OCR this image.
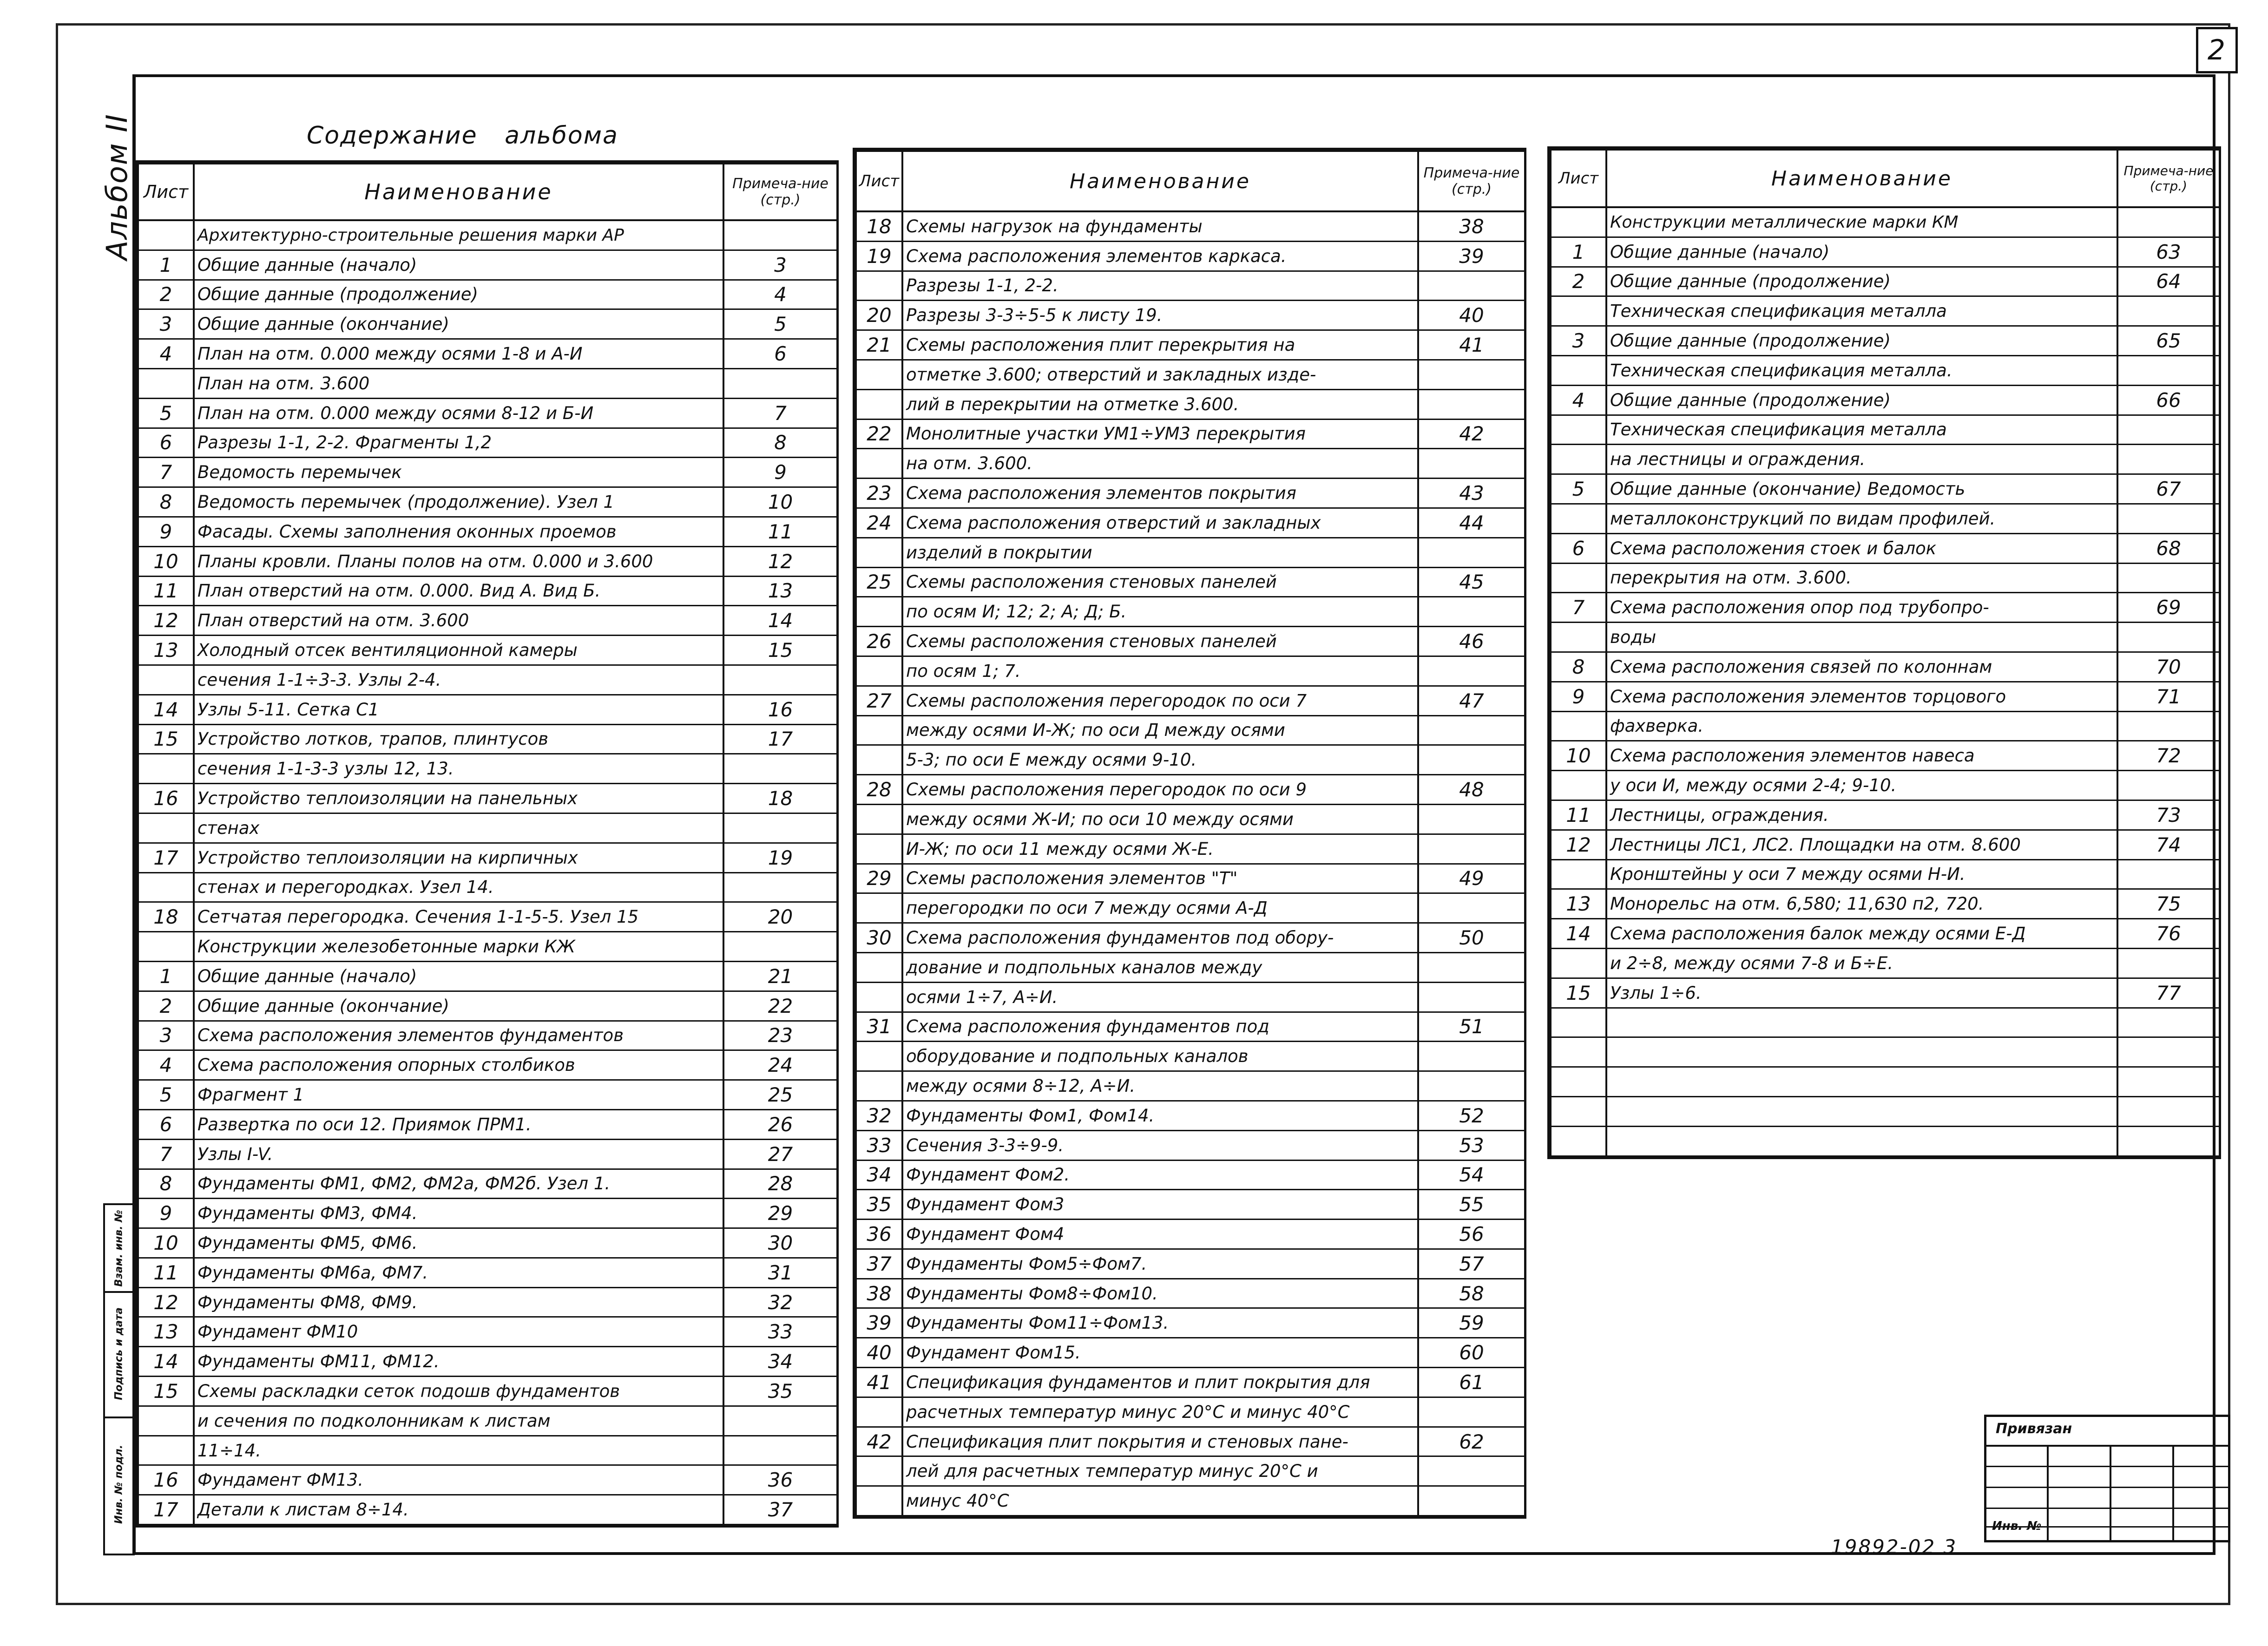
2
Альбом II	Содержание альбома
Лист	Наименование	Примеча-ние (стр.)
	Архитектурно-строительные решения марки АР	
1	Общие данные (начало)	3
2	Общие данные (продолжение)	4
3	Общие данные (окончание)	5
4	План на отм. 0.000 между осями 1-8 и А-И	6
	План на отм. 3.600	
5	План на отм. 0.000 между осями 8-12 и Б-И	7
6	Разрезы 1-1, 2-2. Фрагменты 1,2	8
7	Ведомость перемычек	9
8	Ведомость перемычек (продолжение). Узел 1	10
9	Фасады. Схемы заполнения оконных проемов	11
10	Планы кровли. Планы полов на отм. 0.000 и 3.600	12
11	План отверстий на отм. 0.000. Вид А. Вид Б.	13
12	План отверстий на отм. 3.600	14
13	Холодный отсек вентиляционной камеры	15
	сечения 1-1÷3-3. Узлы 2-4.	
14	Узлы 5-11. Сетка С1	16
15	Устройство лотков, трапов, плинтусов	17
	сечения 1-1-3-3 узлы 12, 13.	
16	Устройство теплоизоляции на панельных	18
	стенах	
17	Устройство теплоизоляции на кирпичных	19
	стенах и перегородках. Узел 14.	
18	Сетчатая перегородка. Сечения 1-1-5-5. Узел 15	20
	Конструкции железобетонные марки КЖ	
1	Общие данные (начало)	21
2	Общие данные (окончание)	22
3	Схема расположения элементов фундаментов	23
4	Схема расположения опорных столбиков	24
5	Фрагмент 1	25
6	Развертка по оси 12. Приямок ПРМ1.	26
7	Узлы I-V.	27
8	Фундаменты ФМ1, ФМ2, ФМ2а, ФМ2б. Узел 1.	28
9	Фундаменты ФМ3, ФМ4.	29
10	Фундаменты ФМ5, ФМ6.	30
11	Фундаменты ФМ6а, ФМ7.	31
12	Фундаменты ФМ8, ФМ9.	32
13	Фундамент ФМ10	33
14	Фундаменты ФМ11, ФМ12.	34
15	Схемы раскладки сеток подошв фундаментов	35
	и сечения по подколонникам к листам	
	11÷14.	
16	Фундамент ФМ13.	36
17	Детали к листам 8÷14.	37
Лист	Наименование	Примеча-ние (стр.)
18	Схемы нагрузок на фундаменты	38
19	Схема расположения элементов каркаса.	39
	Разрезы 1-1, 2-2.	
20	Разрезы 3-3÷5-5 к листу 19.	40
21	Схемы расположения плит перекрытия на	41
	отметке 3.600; отверстий и закладных изде-	
	лий в перекрытии на отметке 3.600.	
22	Монолитные участки УМ1÷УМ3 перекрытия	42
	на отм. 3.600.	
23	Схема расположения элементов покрытия	43
24	Схема расположения отверстий и закладных	44
	изделий в покрытии	
25	Схемы расположения стеновых панелей	45
	по осям И; 12; 2; А; Д; Б.	
26	Схемы расположения стеновых панелей	46
	по осям 1; 7.	
27	Схемы расположения перегородок по оси 7	47
	между осями И-Ж; по оси Д между осями	
	5-3; по оси Е между осями 9-10.	
28	Схемы расположения перегородок по оси 9	48
	между осями Ж-И; по оси 10 между осями	
	И-Ж; по оси 11 между осями Ж-Е.	
29	Схемы расположения элементов "Т"	49
	перегородки по оси 7 между осями А-Д	
30	Схема расположения фундаментов под обору-	50
	дование и подпольных каналов между	
	осями 1÷7, А÷И.	
31	Схема расположения фундаментов под	51
	оборудование и подпольных каналов	
	между осями 8÷12, А÷И.	
32	Фундаменты Фом1, Фом14.	52
33	Сечения 3-3÷9-9.	53
34	Фундамент Фом2.	54
35	Фундамент Фом3	55
36	Фундамент Фом4	56
37	Фундаменты Фом5÷Фом7.	57
38	Фундаменты Фом8÷Фом10.	58
39	Фундаменты Фом11÷Фом13.	59
40	Фундамент Фом15.	60
41	Спецификация фундаментов и плит покрытия для	61
	расчетных температур минус 20°С и минус 40°С	
42	Спецификация плит покрытия и стеновых пане-	62
	лей для расчетных температур минус 20°С и	
	минус 40°С	
Лист	Наименование	Примеча-ние (стр.)
	Конструкции металлические марки КМ	
1	Общие данные (начало)	63
2	Общие данные (продолжение)	64
	Техническая спецификация металла	
3	Общие данные (продолжение)	65
	Техническая спецификация металла.	
4	Общие данные (продолжение)	66
	Техническая спецификация металла	
	на лестницы и ограждения.	
5	Общие данные (окончание) Ведомость	67
	металлоконструкций по видам профилей.	
6	Схема расположения стоек и балок	68
	перекрытия на отм. 3.600.	
7	Схема расположения опор под трубопро-	69
	воды	
8	Схема расположения связей по колоннам	70
9	Схема расположения элементов торцового	71
	фахверка.	
10	Схема расположения элементов навеса	72
	у оси И, между осями 2-4; 9-10.	
11	Лестницы, ограждения.	73
12	Лестницы ЛС1, ЛС2. Площадки на отм. 8.600	74
	Кронштейны у оси 7 между осями Н-И.	
13	Монорельс на отм. 6,580; 11,630 п2, 720.	75
14	Схема расположения балок между осями Е-Д	76
	и 2÷8, между осями 7-8 и Б÷Е.	
15	Узлы 1÷6.	77

Взам. инв. №
Подпись и дата
Инв. № подл.
Привязан
Инв. №
19892-02 3
